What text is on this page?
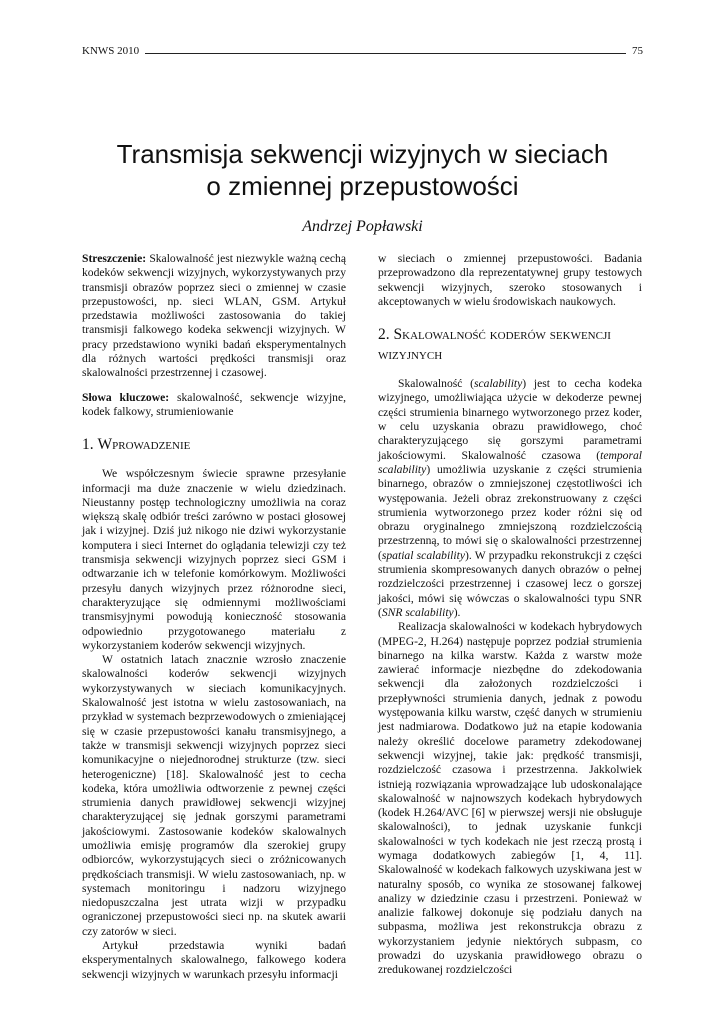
KNWS 2010	75
Transmisja sekwencji wizyjnych w sieciach
o zmiennej przepustowości

Andrzej Popławski

Streszczenie: Skalowalność jest niezwykle ważną cechą kodeków sekwencji wizyjnych, wykorzystywanych przy transmisji obrazów poprzez sieci o zmiennej w czasie przepustowości, np. sieci WLAN, GSM. Artykuł przedstawia możliwości zastosowania do takiej transmisji falkowego kodeka sekwencji wizyjnych. W pracy przedstawiono wyniki badań eksperymentalnych dla różnych wartości prędkości transmisji oraz skalowalności przestrzennej i czasowej.

Słowa kluczowe: skalowalność, sekwencje wizyjne, kodek falkowy, strumieniowanie

1. Wprowadzenie

We współczesnym świecie sprawne przesyłanie informacji ma duże znaczenie w wielu dziedzinach. Nieustanny postęp technologiczny umożliwia na coraz większą skalę odbiór treści zarówno w postaci głosowej jak i wizyjnej. Dziś już nikogo nie dziwi wykorzystanie komputera i sieci Internet do oglądania telewizji czy też transmisja sekwencji wizyjnych poprzez sieci GSM i odtwarzanie ich w telefonie komórkowym. Możliwości przesyłu danych wizyjnych przez różnorodne sieci, charakteryzujące się odmiennymi możliwościami transmisyjnymi powodują konieczność stosowania odpowiednio przygotowanego materiału z wykorzystaniem koderów sekwencji wizyjnych.

W ostatnich latach znacznie wzrosło znaczenie skalowalności koderów sekwencji wizyjnych wykorzystywanych w sieciach komunikacyjnych. Skalowalność jest istotna w wielu zastosowaniach, na przykład w systemach bezprzewodowych o zmieniającej się w czasie przepustowości kanału transmisyjnego, a także w transmisji sekwencji wizyjnych poprzez sieci komunikacyjne o niejednorodnej strukturze (tzw. sieci heterogeniczne) [18]. Skalowalność jest to cecha kodeka, która umożliwia odtworzenie z pewnej części strumienia danych prawidłowej sekwencji wizyjnej charakteryzującej się jednak gorszymi parametrami jakościowymi. Zastosowanie kodeków skalowalnych umożliwia emisję programów dla szerokiej grupy odbiorców, wykorzystujących sieci o zróżnicowanych prędkościach transmisji. W wielu zastosowaniach, np. w systemach monitoringu i nadzoru wizyjnego niedopuszczalna jest utrata wizji w przypadku ograniczonej przepustowości sieci np. na skutek awarii czy zatorów w sieci.

Artykuł przedstawia wyniki badań eksperymentalnych skalowalnego, falkowego kodera sekwencji wizyjnych w warunkach przesyłu informacji

w sieciach o zmiennej przepustowości. Badania przeprowadzono dla reprezentatywnej grupy testowych sekwencji wizyjnych, szeroko stosowanych i akceptowanych w wielu środowiskach naukowych.

2. Skalowalność koderów sekwencji wizyjnych

Skalowalność (scalability) jest to cecha kodeka wizyjnego, umożliwiająca użycie w dekoderze pewnej części strumienia binarnego wytworzonego przez koder, w celu uzyskania obrazu prawidłowego, choć charakteryzującego się gorszymi parametrami jakościowymi. Skalowalność czasowa (temporal scalability) umożliwia uzyskanie z części strumienia binarnego, obrazów o zmniejszonej częstotliwości ich występowania. Jeżeli obraz zrekonstruowany z części strumienia wytworzonego przez koder różni się od obrazu oryginalnego zmniejszoną rozdzielczością przestrzenną, to mówi się o skalowalności przestrzennej (spatial scalability). W przypadku rekonstrukcji z części strumienia skompresowanych danych obrazów o pełnej rozdzielczości przestrzennej i czasowej lecz o gorszej jakości, mówi się wówczas o skalowalności typu SNR (SNR scalability).

Realizacja skalowalności w kodekach hybrydowych (MPEG-2, H.264) następuje poprzez podział strumienia binarnego na kilka warstw. Każda z warstw może zawierać informacje niezbędne do zdekodowania sekwencji dla założonych rozdzielczości i przepływności strumienia danych, jednak z powodu występowania kilku warstw, część danych w strumieniu jest nadmiarowa. Dodatkowo już na etapie kodowania należy określić docelowe parametry zdekodowanej sekwencji wizyjnej, takie jak: prędkość transmisji, rozdzielczość czasowa i przestrzenna. Jakkolwiek istnieją rozwiązania wprowadzające lub udoskonalające skalowalność w najnowszych kodekach hybrydowych (kodek H.264/AVC [6] w pierwszej wersji nie obsługuje skalowalności), to jednak uzyskanie funkcji skalowalności w tych kodekach nie jest rzeczą prostą i wymaga dodatkowych zabiegów [1, 4, 11]. Skalowalność w kodekach falkowych uzyskiwana jest w naturalny sposób, co wynika ze stosowanej falkowej analizy w dziedzinie czasu i przestrzeni. Ponieważ w analizie falkowej dokonuje się podziału danych na subpasma, możliwa jest rekonstrukcja obrazu z wykorzystaniem jedynie niektórych subpasm, co prowadzi do uzyskania prawidłowego obrazu o zredukowanej rozdzielczości
